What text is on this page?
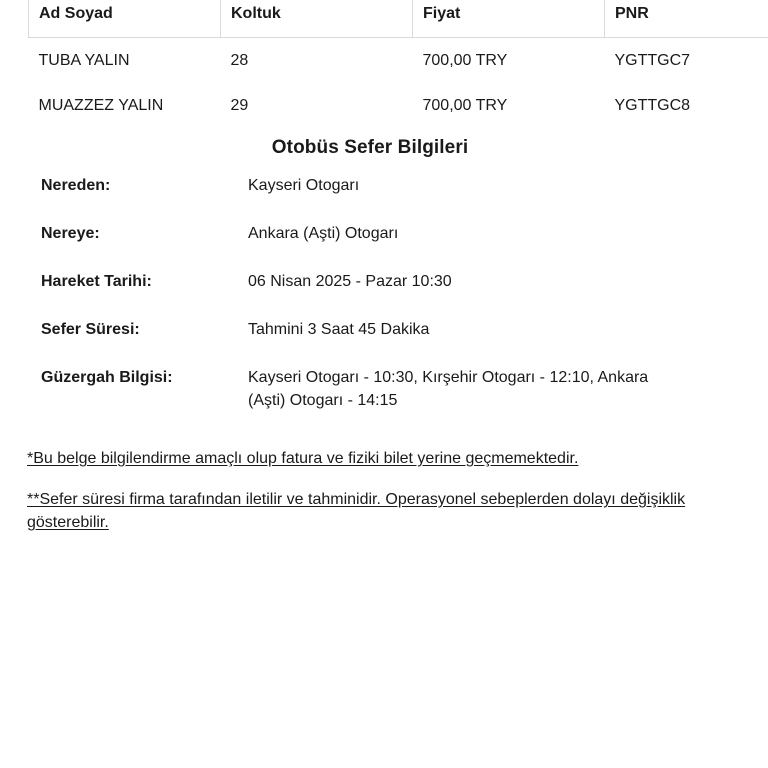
Ad Soyad	Koltuk	Fiyat	PNR
TUBA YALIN	28	700,00 TRY	YGTTGC7
MUAZZEZ YALIN	29	700,00 TRY	YGTTGC8
Otobüs Sefer Bilgileri
Nereden:	Kayseri Otogarı
Nereye:	Ankara (Aşti) Otogarı
Hareket Tarihi:	06 Nisan 2025 - Pazar 10:30
Sefer Süresi:	Tahmini 3 Saat 45 Dakika
Güzergah Bilgisi:	Kayseri Otogarı - 10:30, Kırşehir Otogarı - 12:10, Ankara (Aşti) Otogarı - 14:15
*Bu belge bilgilendirme amaçlı olup fatura ve fiziki bilet yerine geçmemektedir.
**Sefer süresi firma tarafından iletilir ve tahminidir. Operasyonel sebeplerden dolayı değişiklik gösterebilir.
